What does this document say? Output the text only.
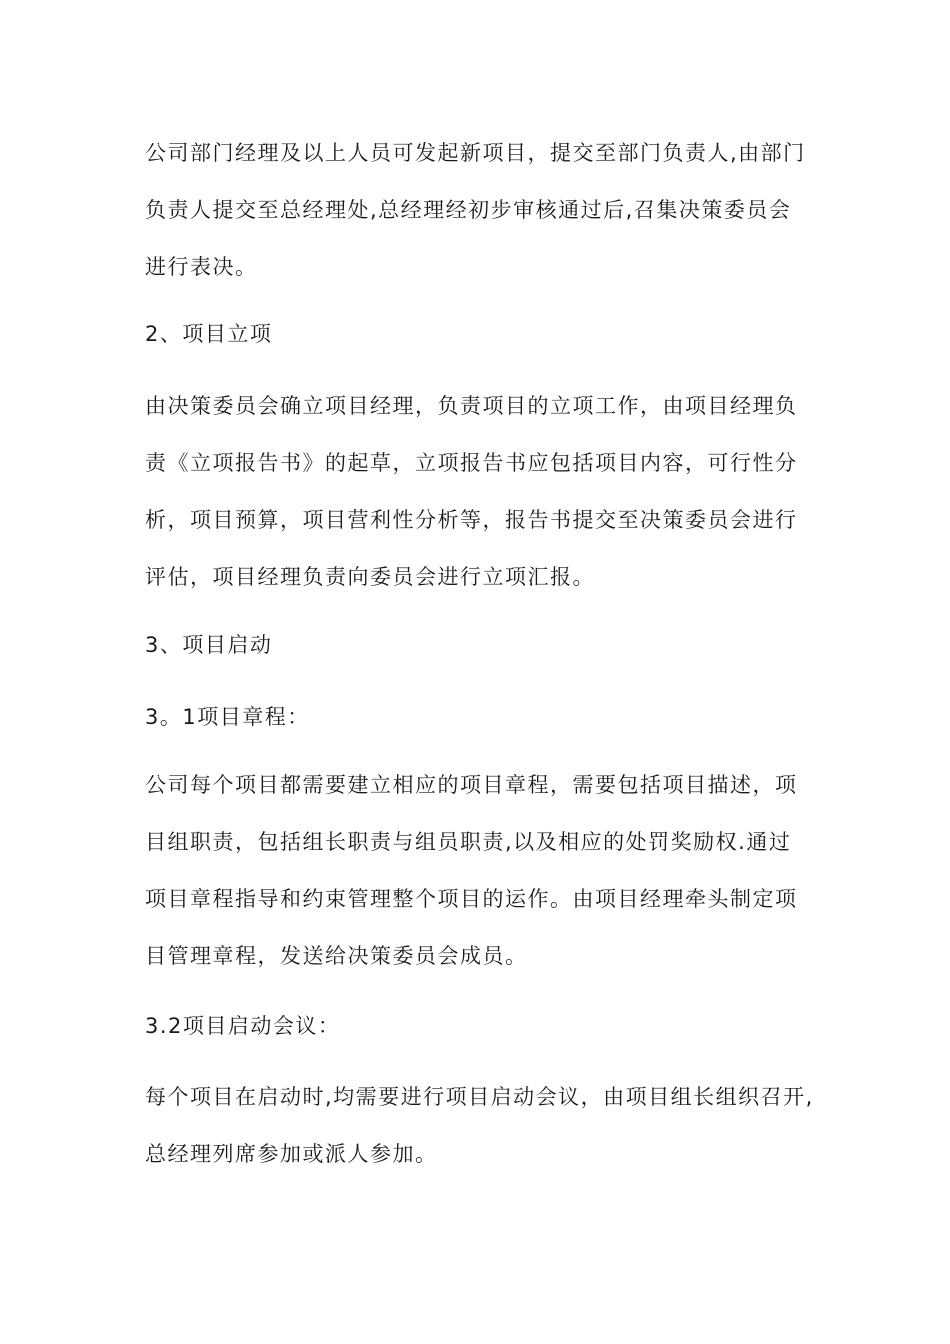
公司部门经理及以上人员可发起新项目，提交至部门负责人,由部门
负责人提交至总经理处,总经理经初步审核通过后,召集决策委员会
进行表决。
2、项目立项
由决策委员会确立项目经理，负责项目的立项工作，由项目经理负
责《立项报告书》的起草，立项报告书应包括项目内容，可行性分
析，项目预算，项目营利性分析等，报告书提交至决策委员会进行
评估，项目经理负责向委员会进行立项汇报。
3、项目启动
3。1项目章程：
公司每个项目都需要建立相应的项目章程，需要包括项目描述，项
目组职责，包括组长职责与组员职责,以及相应的处罚奖励权.通过
项目章程指导和约束管理整个项目的运作。由项目经理牵头制定项
目管理章程，发送给决策委员会成员。
3.2项目启动会议：
每个项目在启动时,均需要进行项目启动会议，由项目组长组织召开,
总经理列席参加或派人参加。
